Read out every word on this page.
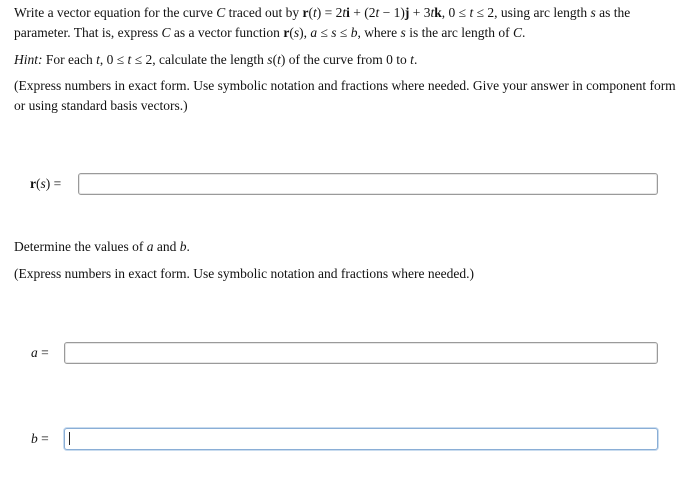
Write a vector equation for the curve C traced out by r(t) = 2ti + (2t − 1)j + 3tk, 0 ≤ t ≤ 2, using arc length s as the
parameter. That is, express C as a vector function r(s), a ≤ s ≤ b, where s is the arc length of C.

Hint: For each t, 0 ≤ t ≤ 2, calculate the length s(t) of the curve from 0 to t.

(Express numbers in exact form. Use symbolic notation and fractions where needed. Give your answer in component form or using standard basis vectors.)

r(s) =

Determine the values of a and b.

(Express numbers in exact form. Use symbolic notation and fractions where needed.)

a =
b =
